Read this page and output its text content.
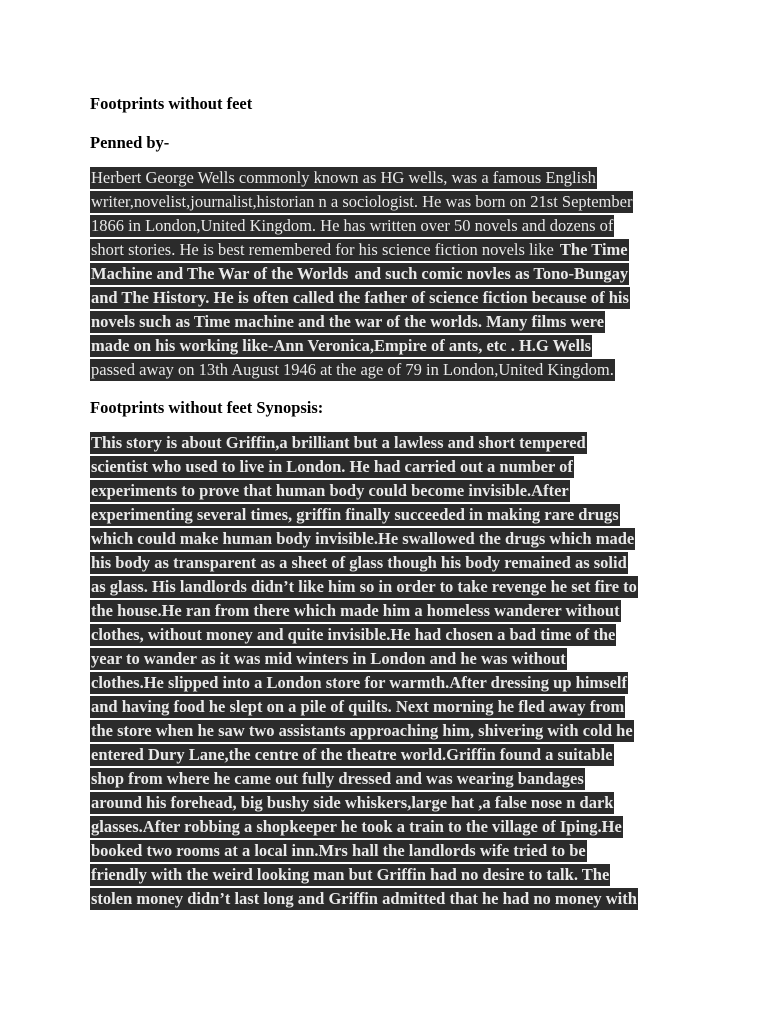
Footprints without feet
Penned by-
Herbert George Wells commonly known as HG wells, was a famous English
writer,novelist,journalist,historian n a sociologist. He was born on 21st September
1866 in London,United Kingdom. He has written over 50 novels and dozens of
short stories. He is best remembered for his science fiction novels like The Time
Machine and The War of the Worlds and such comic novles as Tono-Bungay
and The History. He is often called the father of science fiction because of his
novels such as Time machine and the war of the worlds. Many films were
made on his working like-Ann Veronica,Empire of ants, etc . H.G Wells
passed away on 13th August 1946 at the age of 79 in London,United Kingdom.
Footprints without feet Synopsis:
This story is about Griffin,a brilliant but a lawless and short tempered
scientist who used to live in London. He had carried out a number of
experiments to prove that human body could become invisible.After
experimenting several times, griffin finally succeeded in making rare drugs
which could make human body invisible.He swallowed the drugs which made
his body as transparent as a sheet of glass though his body remained as solid
as glass. His landlords didn’t like him so in order to take revenge he set fire to
the house.He ran from there which made him a homeless wanderer without
clothes, without money and quite invisible.He had chosen a bad time of the
year to wander as it was mid winters in London and he was without
clothes.He slipped into a London store for warmth.After dressing up himself
and having food he slept on a pile of quilts. Next morning he fled away from
the store when he saw two assistants approaching him, shivering with cold he
entered Dury Lane,the centre of the theatre world.Griffin found a suitable
shop from where he came out fully dressed and was wearing bandages
around his forehead, big bushy side whiskers,large hat ,a false nose n dark
glasses.After robbing a shopkeeper he took a train to the village of Iping.He
booked two rooms at a local inn.Mrs hall the landlords wife tried to be
friendly with the weird looking man but Griffin had no desire to talk. The
stolen money didn’t last long and Griffin admitted that he had no money with
